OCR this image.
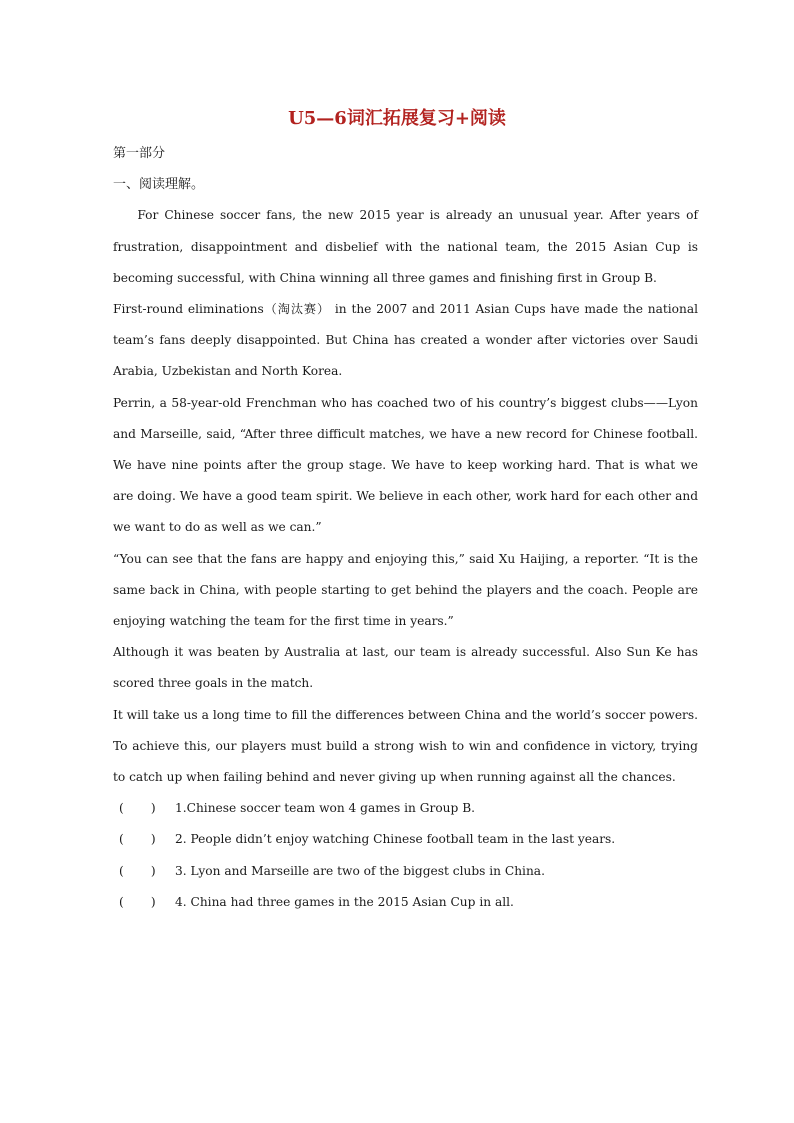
U5—6词汇拓展复习+阅读

第一部分

一、阅读理解。

For Chinese soccer fans, the new 2015 year is already an unusual year. After years of frustration, disappointment and disbelief with the national team, the 2015 Asian Cup is becoming successful, with China winning all three games and finishing first in Group B.

First-round eliminations（淘汰赛） in the 2007 and 2011 Asian Cups have made the national team’s fans deeply disappointed. But China has created a wonder after victories over Saudi Arabia, Uzbekistan and North Korea.

Perrin, a 58-year-old Frenchman who has coached two of his country’s biggest clubs——Lyon and Marseille, said, “After three difficult matches, we have a new record for Chinese football. We have nine points after the group stage. We have to keep working hard. That is what we are doing. We have a good team spirit. We believe in each other, work hard for each other and we want to do as well as we can.”

“You can see that the fans are happy and enjoying this,” said Xu Haijing, a reporter. “It is the same back in China, with people starting to get behind the players and the coach. People are enjoying watching the team for the first time in years.”

Although it was beaten by Australia at last, our team is already successful. Also Sun Ke has scored three goals in the match.

It will take us a long time to fill the differences between China and the world’s soccer powers. To achieve this, our players must build a strong wish to win and confidence in victory, trying to catch up when failing behind and never giving up when running against all the chances.

(       )	1.Chinese soccer team won 4 games in Group B.
(       )	2. People didn’t enjoy watching Chinese football team in the last years.
(       )	3. Lyon and Marseille are two of the biggest clubs in China.
(       )	4. China had three games in the 2015 Asian Cup in all.
